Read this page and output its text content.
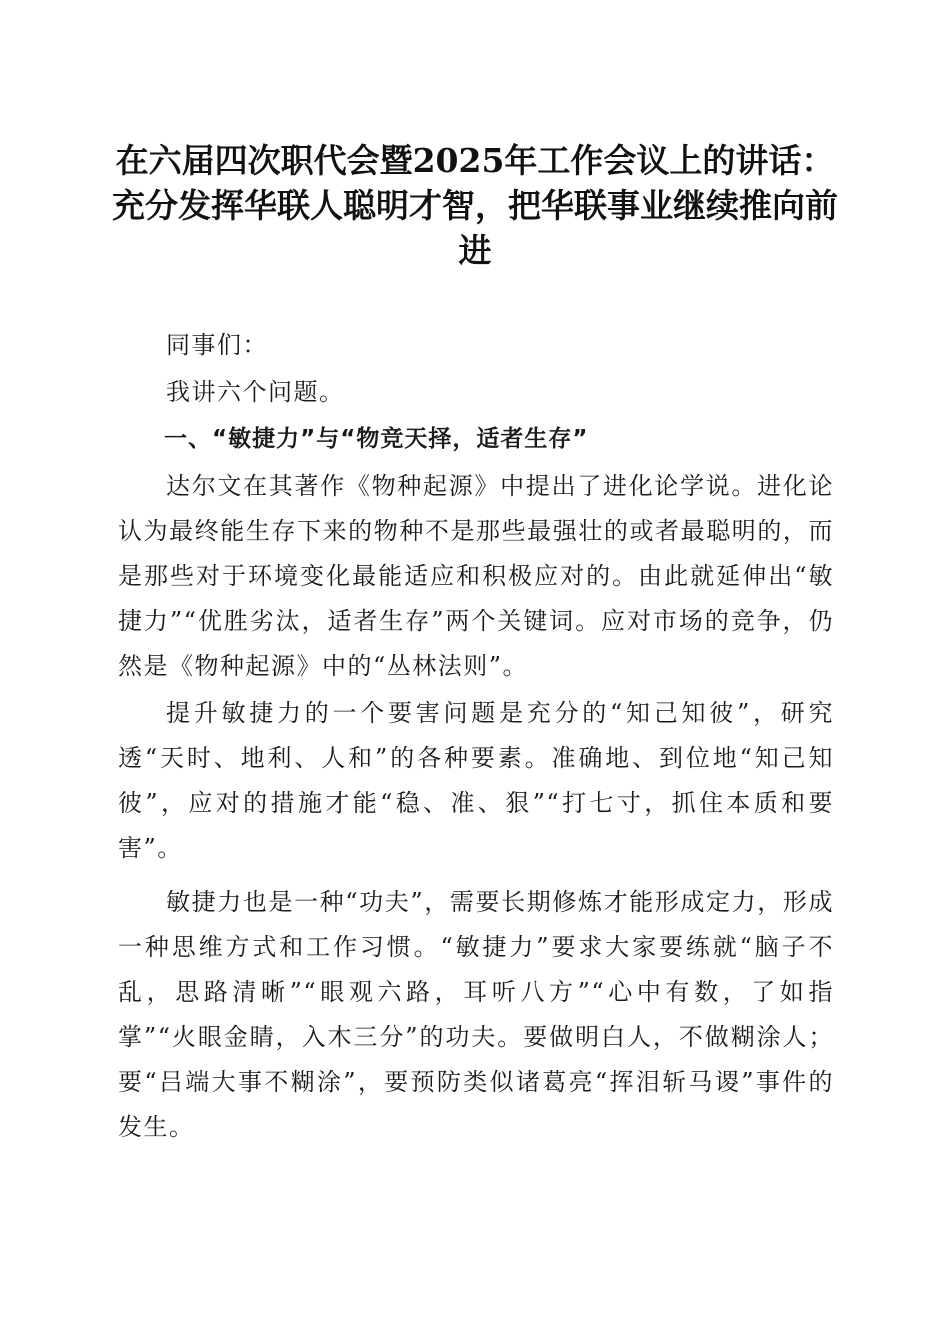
在六届四次职代会暨2025年工作会议上的讲话：充分发挥华联人聪明才智，把华联事业继续推向前进

同事们：

我讲六个问题。

一、“敏捷力”与“物竞天择，适者生存”

达尔文在其著作《物种起源》中提出了进化论学说。进化论认为最终能生存下来的物种不是那些最强壮的或者最聪明的，而是那些对于环境变化最能适应和积极应对的。由此就延伸出“敏捷力”“优胜劣汰，适者生存”两个关键词。应对市场的竞争，仍然是《物种起源》中的“丛林法则”。

提升敏捷力的一个要害问题是充分的“知己知彼”，研究透“天时、地利、人和”的各种要素。准确地、到位地“知己知彼”，应对的措施才能“稳、准、狠”“打七寸，抓住本质和要害”。

敏捷力也是一种“功夫”，需要长期修炼才能形成定力，形成一种思维方式和工作习惯。“敏捷力”要求大家要练就“脑子不乱，思路清晰”“眼观六路，耳听八方”“心中有数，了如指掌”“火眼金睛，入木三分”的功夫。要做明白人，不做糊涂人；要“吕端大事不糊涂”，要预防类似诸葛亮“挥泪斩马谡”事件的发生。
